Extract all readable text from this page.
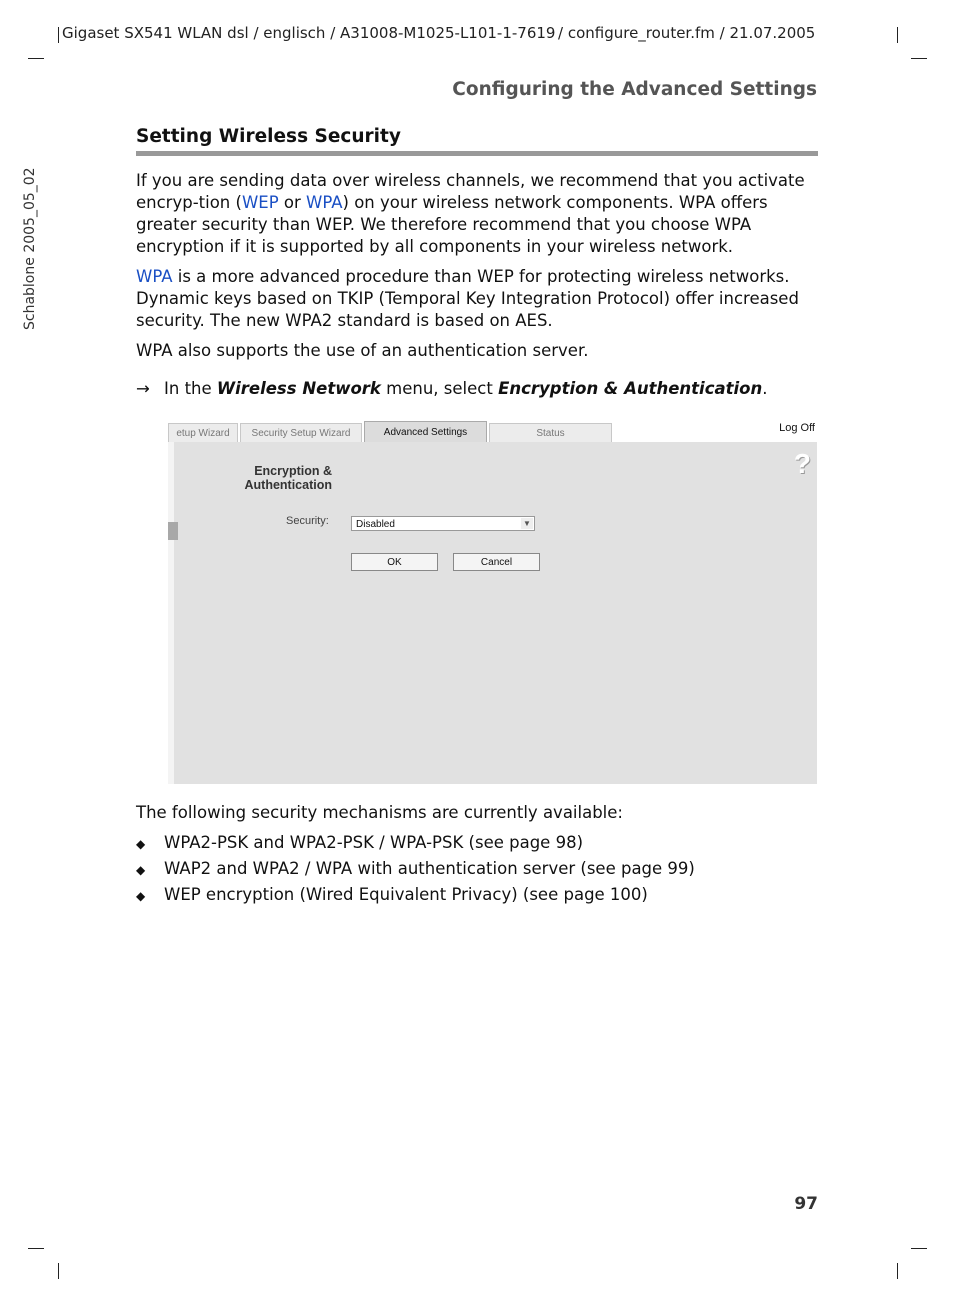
Gigaset SX541 WLAN dsl / englisch / A31008-M1025-L101-1-7619 / configure_router.fm / 21.07.2005
Schablone 2005_05_02
Configuring the Advanced Settings
Setting Wireless Security

If you are sending data over wireless channels, we recommend that you activate encryp-tion (WEP or WPA) on your wireless network components. WPA offers greater security than WEP. We therefore recommend that you choose WPA encryption if it is supported by all components in your wireless network.

WPA is a more advanced procedure than WEP for protecting wireless networks. Dynamic keys based on TKIP (Temporal Key Integration Protocol) offer increased security. The new WPA2 standard is based on AES.

WPA also supports the use of an authentication server.

→ In the Wireless Network menu, select Encryption & Authentication.
etup Wizard	Security Setup Wizard	Advanced Settings	Status	Log Off
?
Encryption & Authentication
Security:	Disabled	▼
OK	Cancel
The following security mechanisms are currently available:
◆ WPA2-PSK and WPA2-PSK / WPA-PSK (see page 98)
◆ WAP2 and WPA2 / WPA with authentication server (see page 99)
◆ WEP encryption (Wired Equivalent Privacy) (see page 100)
97
